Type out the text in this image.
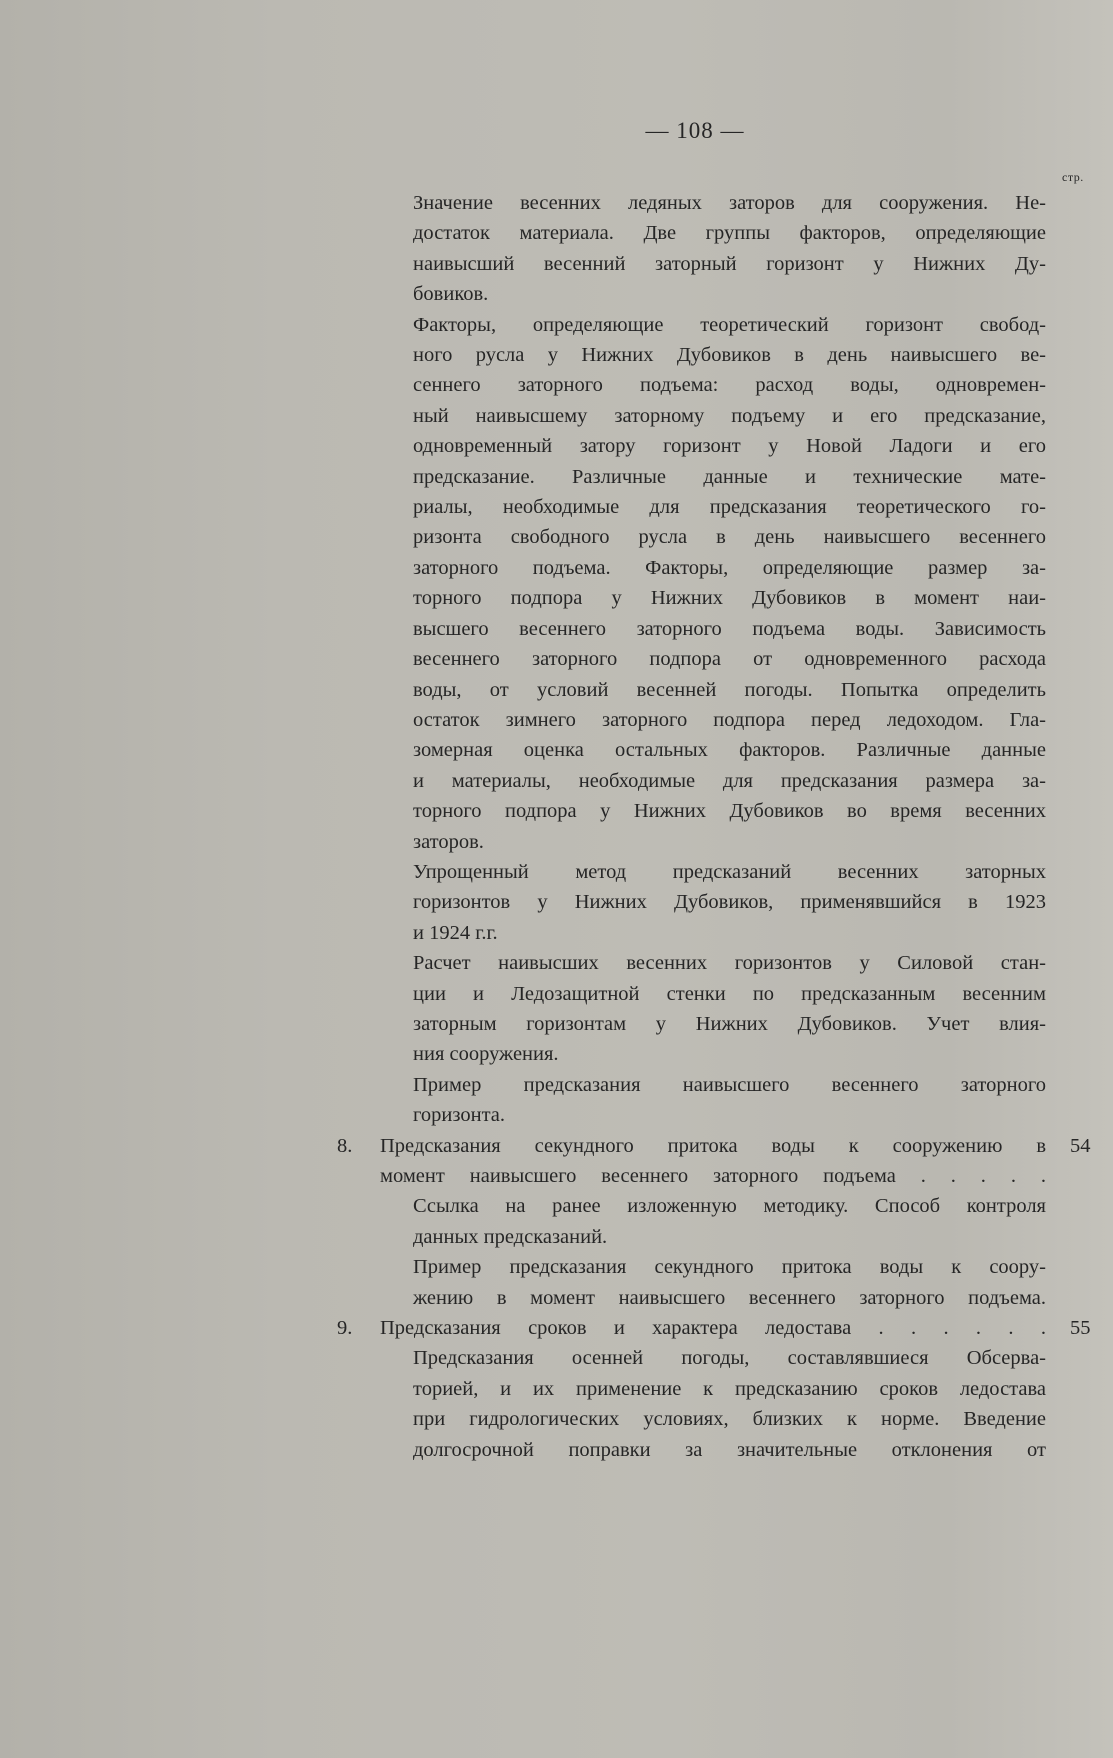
— 108 —
стр.
Значение весенних ледяных заторов для сооружения. Не-
достаток материала. Две группы факторов, определяющие
наивысший весенний заторный горизонт у Нижних Ду-
бовиков.
Факторы, определяющие теоретический горизонт свобод-
ного русла у Нижних Дубовиков в день наивысшего ве-
сеннего заторного подъема: расход воды, одновремен-
ный наивысшему заторному подъему и его предсказание,
одновременный затору горизонт у Новой Ладоги и его
предсказание. Различные данные и технические мате-
риалы, необходимые для предсказания теоретического го-
ризонта свободного русла в день наивысшего весеннего
заторного подъема. Факторы, определяющие размер за-
торного подпора у Нижних Дубовиков в момент наи-
высшего весеннего заторного подъема воды. Зависимость
весеннего заторного подпора от одновременного расхода
воды, от условий весенней погоды. Попытка определить
остаток зимнего заторного подпора перед ледоходом. Гла-
зомерная оценка остальных факторов. Различные данные
и материалы, необходимые для предсказания размера за-
торного подпора у Нижних Дубовиков во время весенних
заторов.
Упрощенный метод предсказаний весенних заторных
горизонтов у Нижних Дубовиков, применявшийся в 1923
и 1924 г.г.
Расчет наивысших весенних горизонтов у Силовой стан-
ции и Ледозащитной стенки по предсказанным весенним
заторным горизонтам у Нижних Дубовиков. Учет влия-
ния сооружения.
Пример предсказания наивысшего весеннего заторного
горизонта.
8.	54
Предсказания секундного притока воды к сооружению в
момент наивысшего весеннего заторного подъема . . . . .
Ссылка на ранее изложенную методику. Способ контроля
данных предсказаний.
Пример предсказания секундного притока воды к соору-
жению в момент наивысшего весеннего заторного подъема.
9.	55
Предсказания сроков и характера ледостава . . . . . .
Предсказания осенней погоды, составлявшиеся Обсерва-
торией, и их применение к предсказанию сроков ледостава
при гидрологических условиях, близких к норме. Введение
долгосрочной поправки за значительные отклонения от
